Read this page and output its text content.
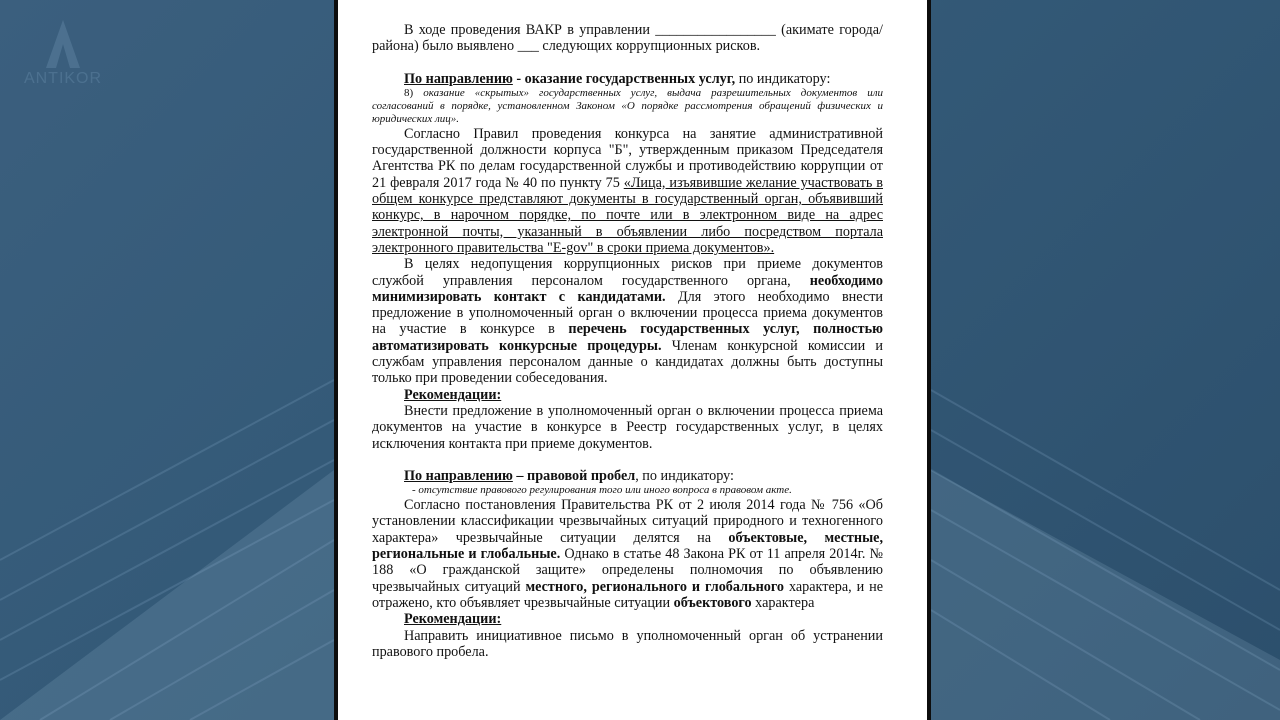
ANTIKOR

В ходе проведения ВАКР в управлении _________________ (акимате города/района) было выявлено ___ следующих коррупционных рисков.

По направлению - оказание государственных услуг, по индикатору:

8) оказание «скрытых» государственных услуг, выдача разрешительных документов или согласований в порядке, установленном Законом «О порядке рассмотрения обращений физических и юридических лиц».

Согласно Правил проведения конкурса на занятие административной государственной должности корпуса "Б", утвержденным приказом Председателя Агентства РК по делам государственной службы и противодействию коррупции от 21 февраля 2017 года № 40 по пункту 75 «Лица, изъявившие желание участвовать в общем конкурсе представляют документы в государственный орган, объявивший конкурс, в нарочном порядке, по почте или в электронном виде на адрес электронной почты, указанный в объявлении либо посредством портала электронного правительства "E-gov" в сроки приема документов».

В целях недопущения коррупционных рисков при приеме документов службой управления персоналом государственного органа, необходимо минимизировать контакт с кандидатами. Для этого необходимо внести предложение в уполномоченный орган о включении процесса приема документов на участие в конкурсе в перечень государственных услуг, полностью автоматизировать конкурсные процедуры. Членам конкурсной комиссии и службам управления персоналом данные о кандидатах должны быть доступны только при проведении собеседования.

Рекомендации:

Внести предложение в уполномоченный орган о включении процесса приема документов на участие в конкурсе в Реестр государственных услуг, в целях исключения контакта при приеме документов.

По направлению – правовой пробел, по индикатору:

- отсутствие правового регулирования того или иного вопроса в правовом акте.

Согласно постановления Правительства РК от 2 июля 2014 года № 756 «Об установлении классификации чрезвычайных ситуаций природного и техногенного характера» чрезвычайные ситуации делятся на объектовые, местные, региональные и глобальные. Однако в статье 48 Закона РК от 11 апреля 2014г. № 188 «О гражданской защите» определены полномочия по объявлению чрезвычайных ситуаций местного, регионального и глобального характера, и не отражено, кто объявляет чрезвычайные ситуации объектового характера

Рекомендации:

Направить инициативное письмо в уполномоченный орган об устранении правового пробела.
